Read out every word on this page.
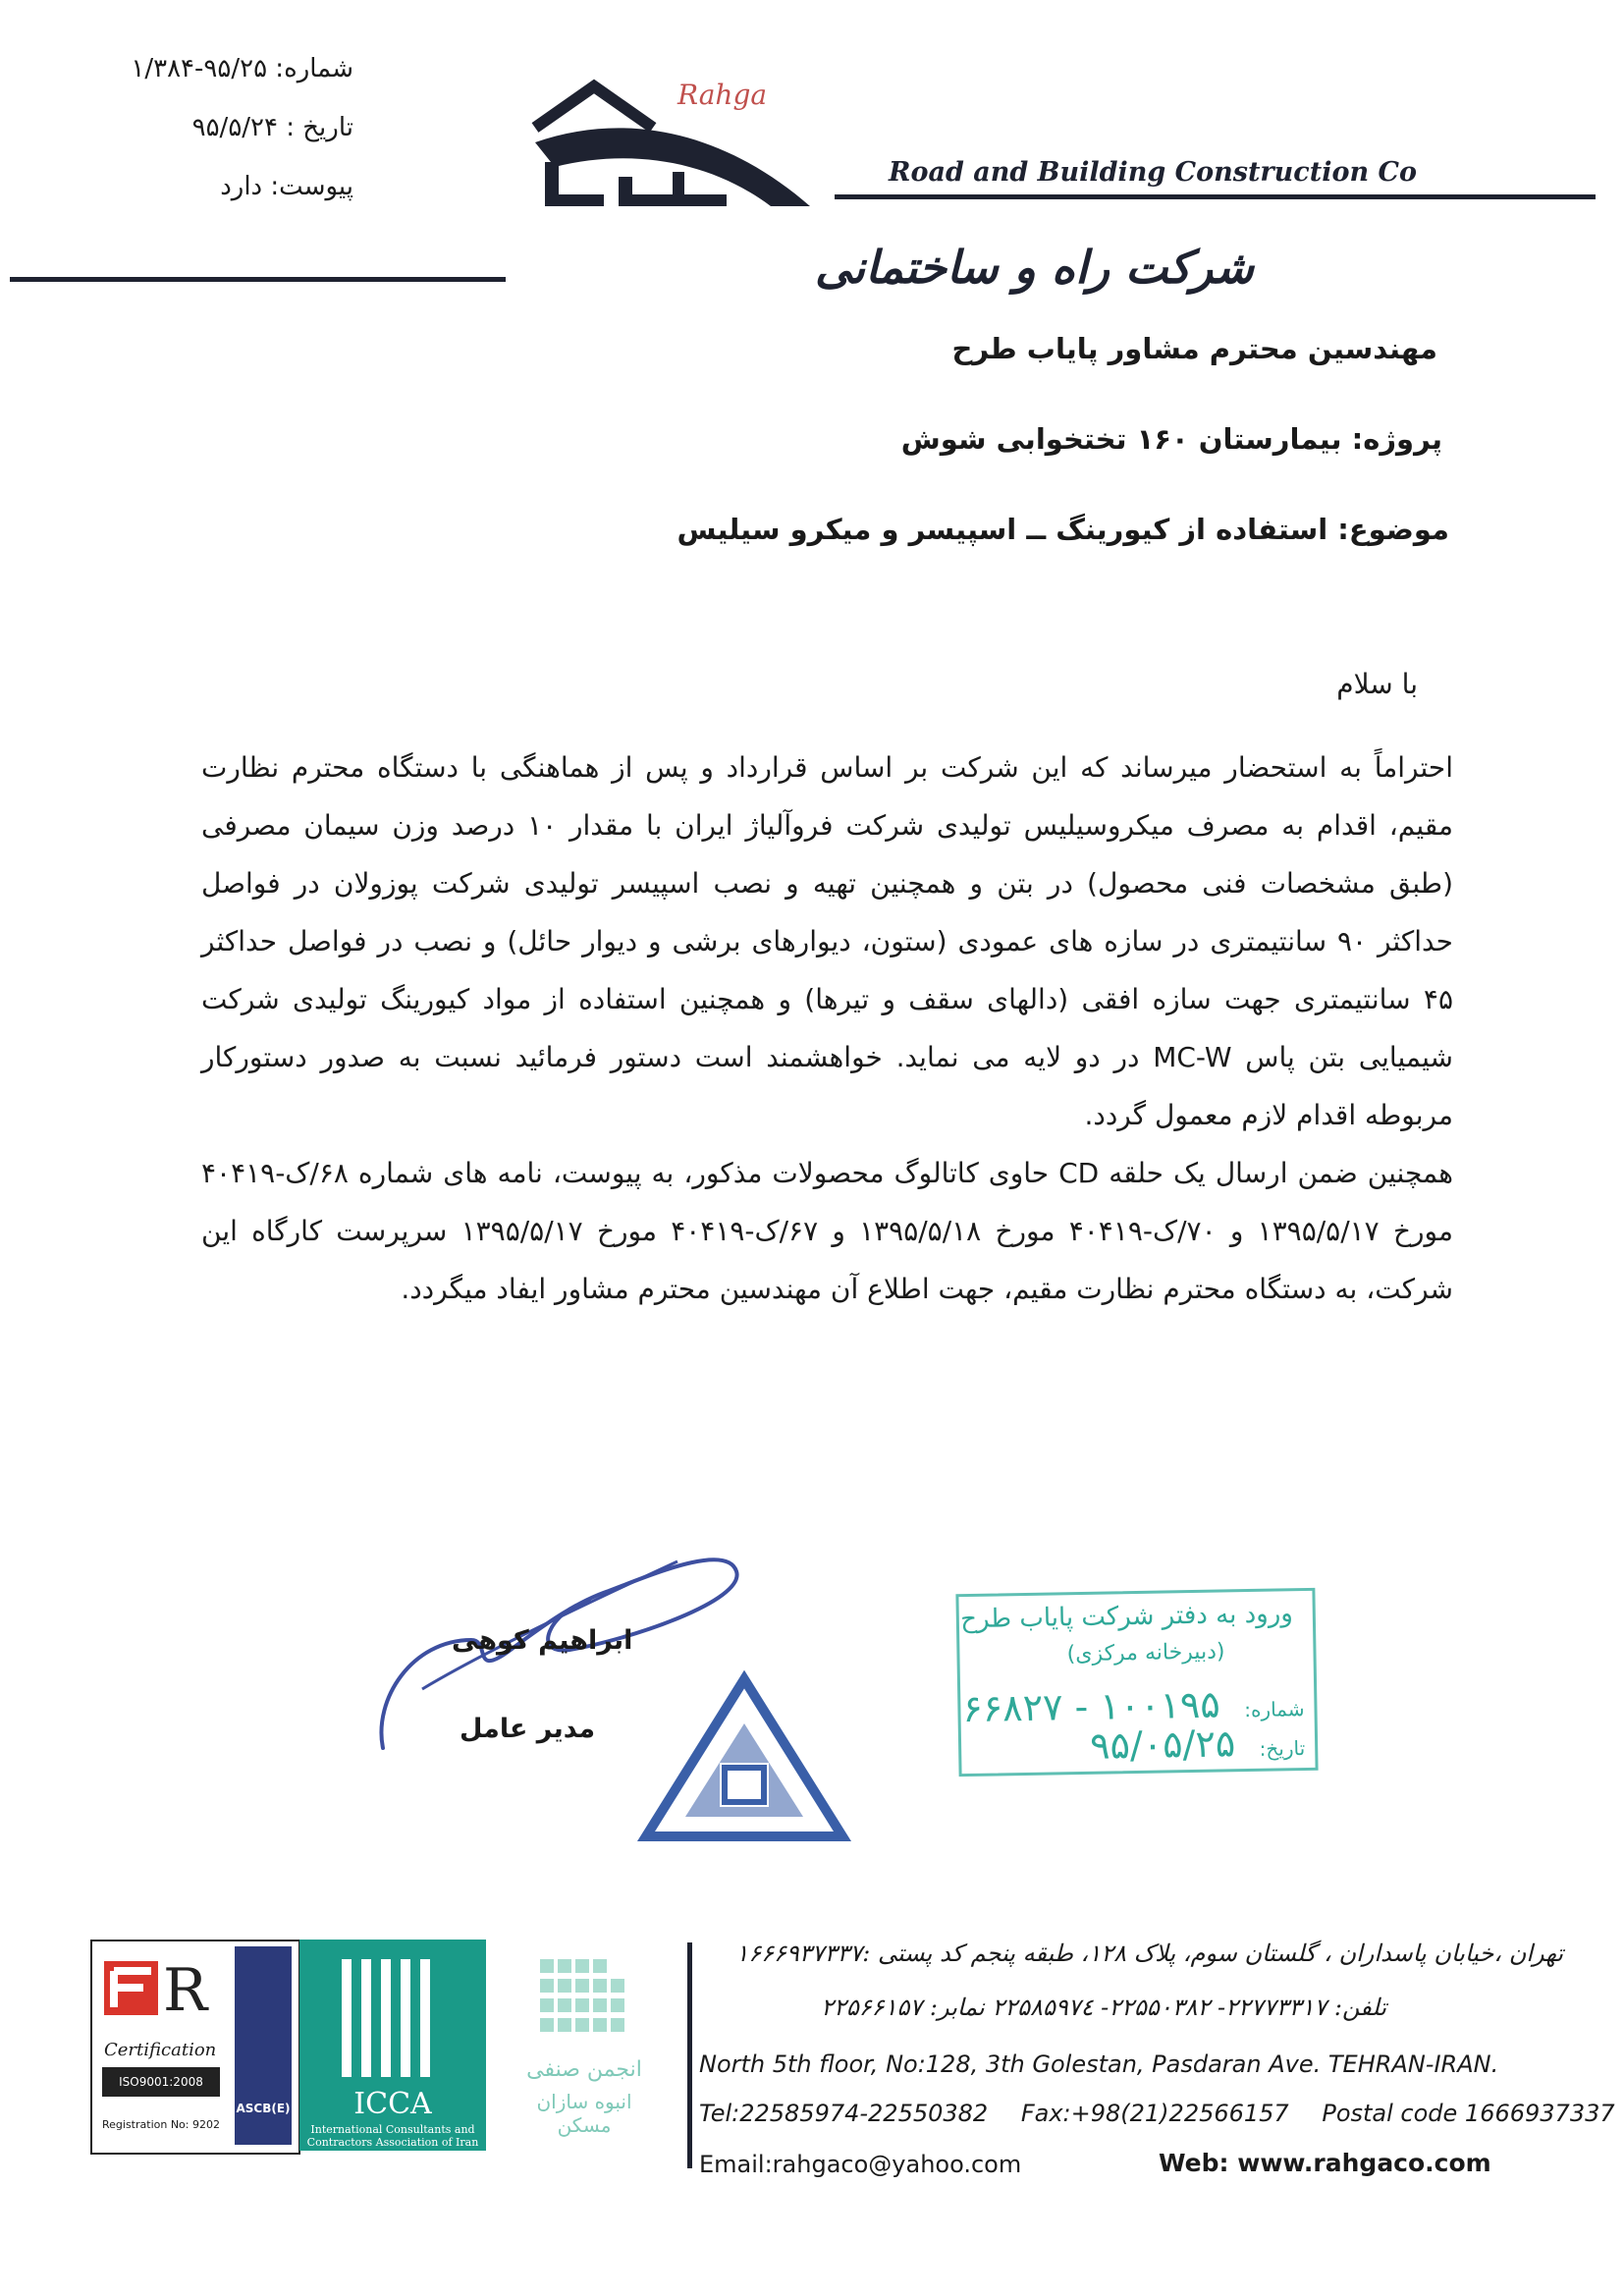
شماره: ۹۵/۲۵-۱/۳۸۴
تاریخ : ۹۵/۵/۲۴
پیوست: دارد
Rahga
Road and Building Construction Co
شرکت راه و ساختمانی
مهندسین محترم مشاور پایاب طرح
پروژه: بیمارستان ۱۶۰ تختخوابی شوش
موضوع: استفاده از کیورینگ ــ اسپیسر و میکرو سیلیس
با سلام

احتراماً به استحضار میرساند که این شرکت بر اساس قرارداد و پس از هماهنگی با دستگاه محترم نظارت مقیم، اقدام به مصرف میکروسیلیس تولیدی شرکت فروآلیاژ ایران با مقدار ۱۰ درصد وزن سیمان مصرفی (طبق مشخصات فنی محصول) در بتن و همچنین تهیه و نصب اسپیسر تولیدی شرکت پوزولان در فواصل حداکثر ۹۰ سانتیمتری در سازه های عمودی (ستون، دیوارهای برشی و دیوار حائل) و نصب در فواصل حداکثر ۴۵ سانتیمتری جهت سازه افقی (دالهای سقف و تیرها) و همچنین استفاده از مواد کیورینگ تولیدی شرکت شیمیایی بتن پاس MC-W در دو لایه می نماید. خواهشمند است دستور فرمائید نسبت به صدور دستورکار مربوطه اقدام لازم معمول گردد.

همچنین ضمن ارسال یک حلقه CD حاوی کاتالوگ محصولات مذکور، به پیوست، نامه های شماره ۶۸/ک-۴۰۴۱۹ مورخ ۱۳۹۵/۵/۱۷ و ۷۰/ک-۴۰۴۱۹ مورخ ۱۳۹۵/۵/۱۸ و ۶۷/ک-۴۰۴۱۹ مورخ ۱۳۹۵/۵/۱۷ سرپرست کارگاه این شرکت، به دستگاه محترم نظارت مقیم، جهت اطلاع آن مهندسین محترم مشاور ایفاد میگردد.

ابراهیم کوهی
مدیر عامل
ورود به دفتر شرکت پایاب طرح
(دبیرخانه مرکزی)
شماره: ۱۰۰۱۹۵ - ۶۶۸۲۷
تاریخ: ۹۵/۰۵/۲۵
R
Certification
ISO9001:2008
Registration No: 9202
ASCB(E)	ICCA
International Consultants and Contractors Association of Iran
انجمن صنفی
انبوه سازان مسکن
تهران ،خیابان پاسداران ، گلستان سوم، پلاک ۱۲۸، طبقه پنجم کد پستی :۱۶۶۶۹۳۷۳۳۷
تلفن: ۲۲۷۷۳۳۱۷- ۲۲۵۵۰۳۸۲- ۲۲۵۸۵۹۷٤ نمابر: ۲۲۵۶۶۱۵۷
North 5th floor, No:128, 3th Golestan, Pasdaran Ave. TEHRAN-IRAN.
Tel:22585974-22550382 Fax:+98(21)22566157 Postal code 1666937337
Email:rahgaco@yahoo.com	Web: www.rahgaco.com
